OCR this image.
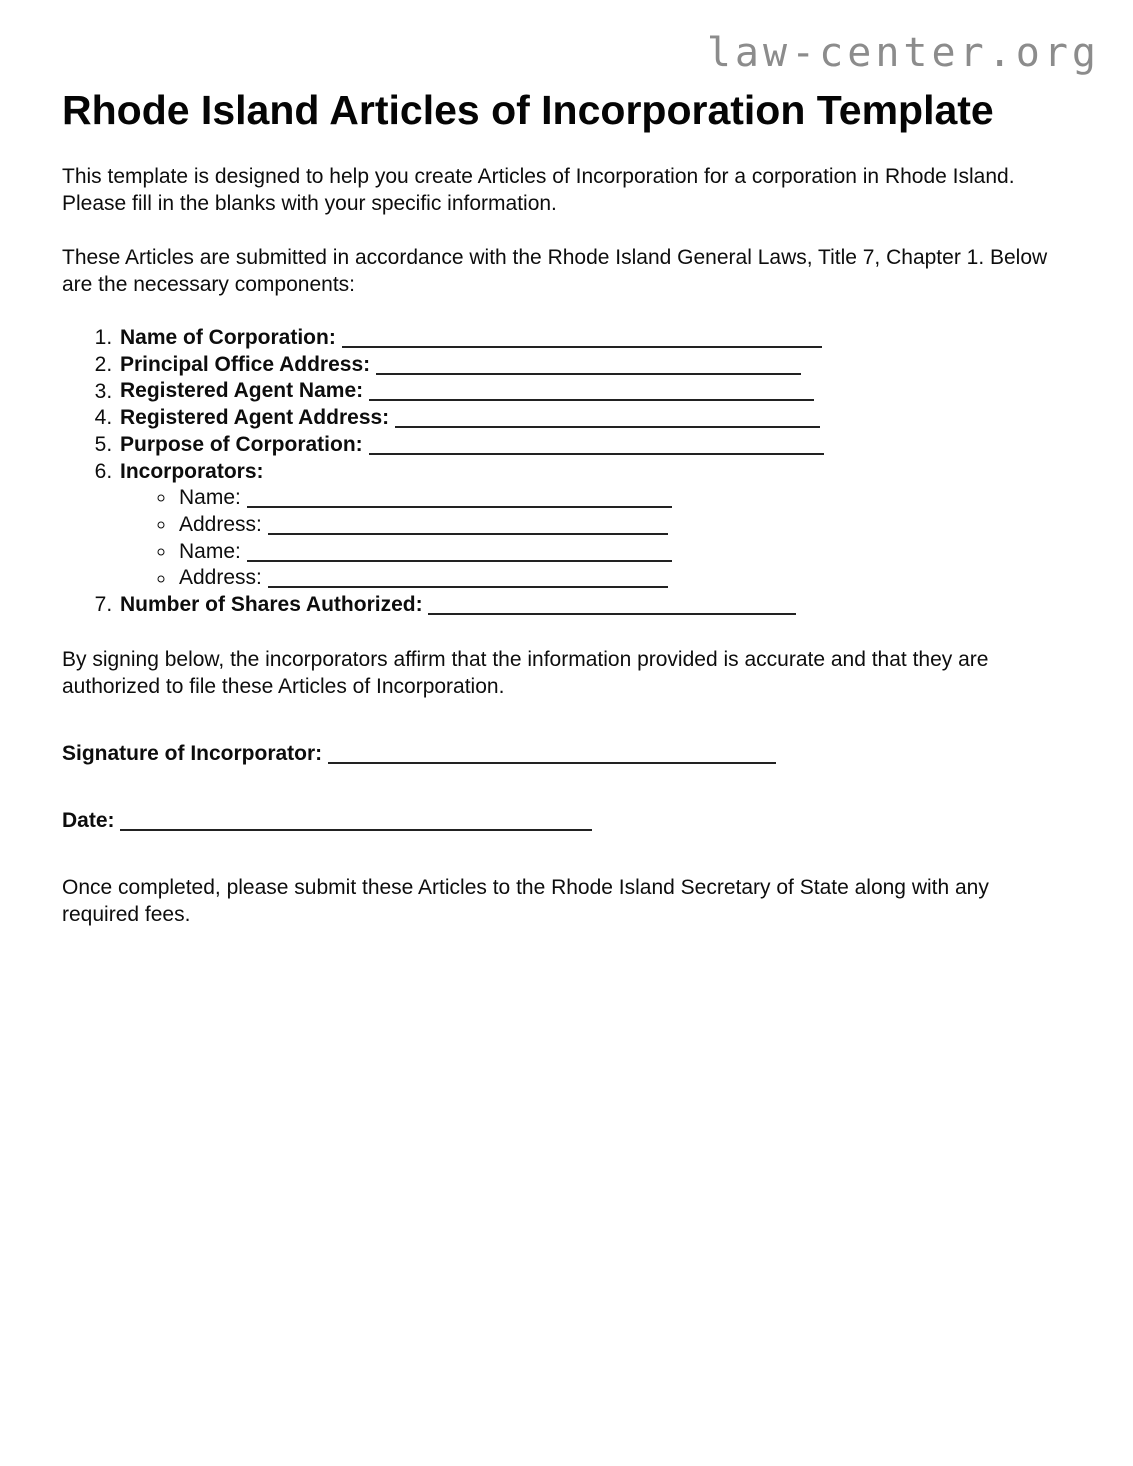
law-center.org
Rhode Island Articles of Incorporation Template

This template is designed to help you create Articles of Incorporation for a corporation in Rhode Island. Please fill in the blanks with your specific information.

These Articles are submitted in accordance with the Rhode Island General Laws, Title 7, Chapter 1. Below are the necessary components:

1. Name of Corporation:
2. Principal Office Address:
3. Registered Agent Name:
4. Registered Agent Address:
5. Purpose of Corporation:
6. Incorporators:
◦ Name:
◦ Address:
◦ Name:
◦ Address:
7. Number of Shares Authorized:

By signing below, the incorporators affirm that the information provided is accurate and that they are authorized to file these Articles of Incorporation.

Signature of Incorporator:
Date:

Once completed, please submit these Articles to the Rhode Island Secretary of State along with any required fees.
